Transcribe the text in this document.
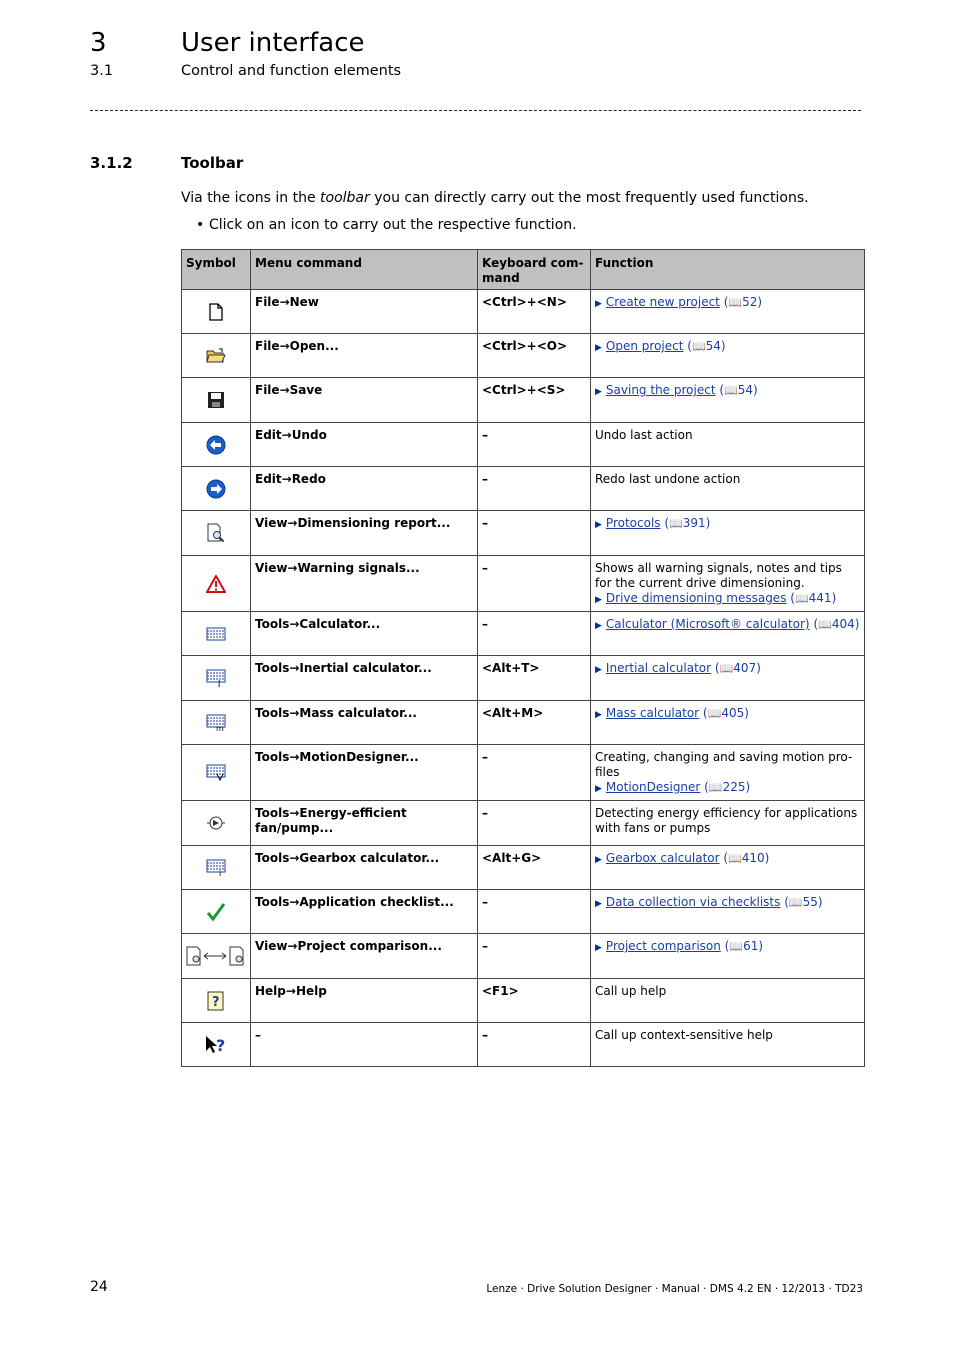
3	User interface
3.1	Control and function elements
3.1.2	Toolbar
Via the icons in the toolbar you can directly carry out the most frequently used functions.
• Click on an icon to carry out the respective function.
Symbol	Menu command	Keyboard com-
mand	Function

	File→New	<Ctrl>+<N>	▶ Create new project (📖52)

	File→Open...	<Ctrl>+<O>	▶ Open project (📖54)

	File→Save	<Ctrl>+<S>	▶ Saving the project (📖54)

	Edit→Undo	–	Undo last action

	Edit→Redo	–	Redo last undone action

	View→Dimensioning report...	–	▶ Protocols (📖391)

	View→Warning signals...	–	Shows all warning signals, notes and tips for the current drive dimensioning.
▶ Drive dimensioning messages (📖441)

	Tools→Calculator...	–	▶ Calculator (Microsoft® calculator) (📖404)

J	Tools→Inertial calculator...	<Alt+T>	▶ Inertial calculator (📖407)

m	Tools→Mass calculator...	<Alt+M>	▶ Mass calculator (📖405)

	Tools→MotionDesigner...	–	Creating, changing and saving motion pro-
files
▶ MotionDesigner (📖225)

	Tools→Energy-efficient fan/pump...	–	Detecting energy efficiency for applications with fans or pumps

i	Tools→Gearbox calculator...	<Alt+G>	▶ Gearbox calculator (📖410)

	Tools→Application checklist...	–	▶ Data collection via checklists (📖55)

	View→Project comparison...	–	▶ Project comparison (📖61)

?	Help→Help	<F1>	Call up help

?	–	–	Call up context-sensitive help
24	Lenze · Drive Solution Designer · Manual · DMS 4.2 EN · 12/2013 · TD23
